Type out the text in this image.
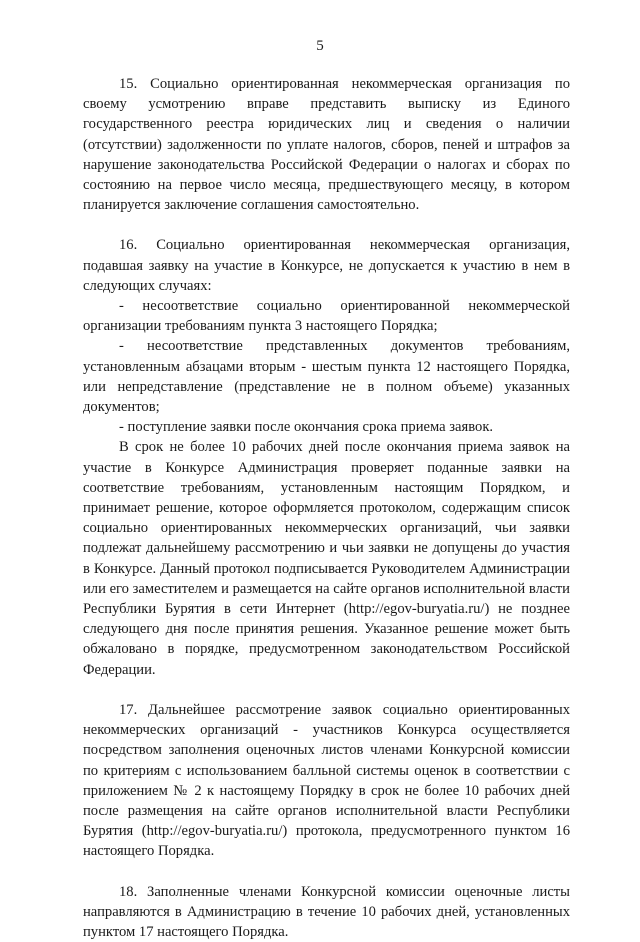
5

15. Социально ориентированная некоммерческая организация по своему усмотрению вправе представить выписку из Единого государственного реестра юридических лиц и сведения о наличии (отсутствии) задолженности по уплате налогов, сборов, пеней и штрафов за нарушение законодательства Российской Федерации о налогах и сборах по состоянию на первое число месяца, предшествующего месяцу, в котором планируется заключение соглашения самостоятельно.

16. Социально ориентированная некоммерческая организация, подавшая заявку на участие в Конкурсе, не допускается к участию в нем в следующих случаях:

- несоответствие социально ориентированной некоммерческой организации требованиям пункта 3 настоящего Порядка;

- несоответствие представленных документов требованиям, установленным абзацами вторым - шестым пункта 12 настоящего Порядка, или непредставление (представление не в полном объеме) указанных документов;

- поступление заявки после окончания срока приема заявок.

В срок не более 10 рабочих дней после окончания приема заявок на участие в Конкурсе Администрация проверяет поданные заявки на соответствие требованиям, установленным настоящим Порядком, и принимает решение, которое оформляется протоколом, содержащим список социально ориентированных некоммерческих организаций, чьи заявки подлежат дальнейшему рассмотрению и чьи заявки не допущены до участия в Конкурсе. Данный протокол подписывается Руководителем Администрации или его заместителем и размещается на сайте органов исполнительной власти Республики Бурятия в сети Интернет (http://egov-buryatia.ru/) не позднее следующего дня после принятия решения. Указанное решение может быть обжаловано в порядке, предусмотренном законодательством Российской Федерации.

17. Дальнейшее рассмотрение заявок социально ориентированных некоммерческих организаций - участников Конкурса осуществляется посредством заполнения оценочных листов членами Конкурсной комиссии по критериям с использованием балльной системы оценок в соответствии с приложением № 2 к настоящему Порядку в срок не более 10 рабочих дней после размещения на сайте органов исполнительной власти Республики Бурятия (http://egov-buryatia.ru/) протокола, предусмотренного пунктом 16 настоящего Порядка.

18. Заполненные членами Конкурсной комиссии оценочные листы направляются в Администрацию в течение 10 рабочих дней, установленных пунктом 17 настоящего Порядка.
